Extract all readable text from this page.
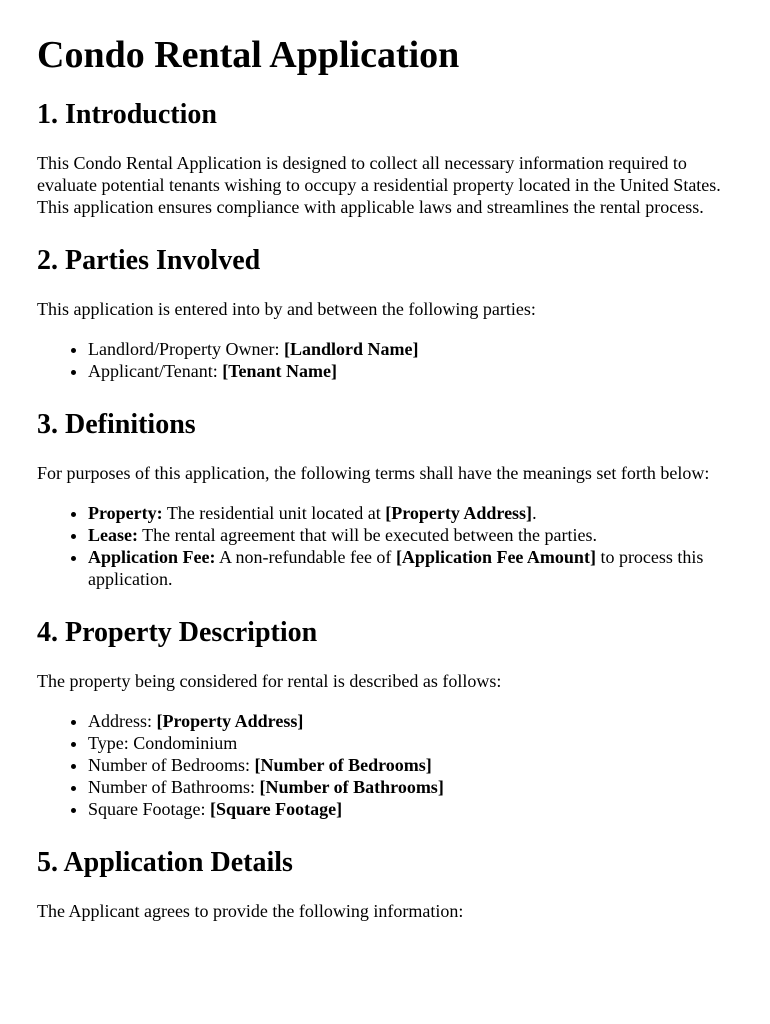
Condo Rental Application
1. Introduction

This Condo Rental Application is designed to collect all necessary information required to evaluate potential tenants wishing to occupy a residential property located in the United States. This application ensures compliance with applicable laws and streamlines the rental process.

2. Parties Involved

This application is entered into by and between the following parties:

• Landlord/Property Owner: [Landlord Name]
• Applicant/Tenant: [Tenant Name]
3. Definitions

For purposes of this application, the following terms shall have the meanings set forth below:

• Property: The residential unit located at [Property Address].
• Lease: The rental agreement that will be executed between the parties.
• Application Fee: A non-refundable fee of [Application Fee Amount] to process this application.
4. Property Description

The property being considered for rental is described as follows:

• Address: [Property Address]
• Type: Condominium
• Number of Bedrooms: [Number of Bedrooms]
• Number of Bathrooms: [Number of Bathrooms]
• Square Footage: [Square Footage]
5. Application Details

The Applicant agrees to provide the following information:
